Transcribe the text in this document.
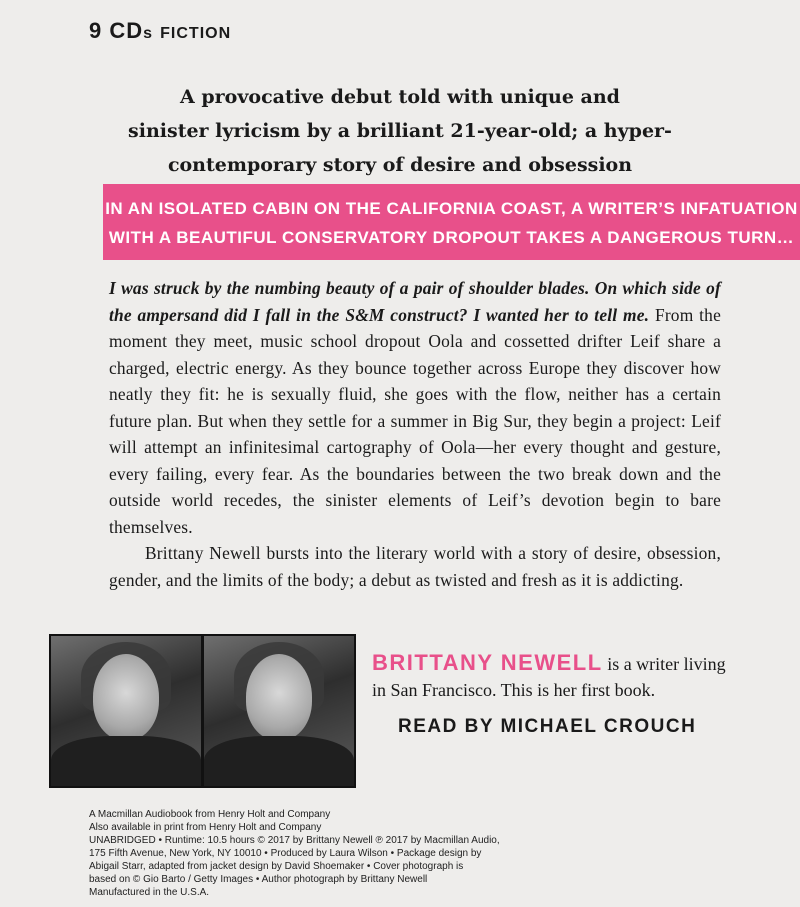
9 CDs FICTION
A provocative debut told with unique and
sinister lyricism by a brilliant 21-year-old; a hyper-
contemporary story of desire and obsession
IN AN ISOLATED CABIN ON THE CALIFORNIA COAST, A WRITER’S INFATUATION
WITH A BEAUTIFUL CONSERVATORY DROPOUT TAKES A DANGEROUS TURN…

I was struck by the numbing beauty of a pair of shoulder blades. On which side of the ampersand did I fall in the S&M construct? I wanted her to tell me. From the moment they meet, music school dropout Oola and cossetted drifter Leif share a charged, electric energy. As they bounce together across Europe they discover how neatly they fit: he is sexually fluid, she goes with the flow, neither has a certain future plan. But when they settle for a summer in Big Sur, they begin a project: Leif will attempt an infinitesimal cartography of Oola—her every thought and gesture, every failing, every fear. As the boundaries between the two break down and the outside world recedes, the sinister elements of Leif’s devotion begin to bare themselves.

Brittany Newell bursts into the literary world with a story of desire, obsession, gender, and the limits of the body; a debut as twisted and fresh as it is addicting.

BRITTANY NEWELL is a writer living
in San Francisco. This is her first book.
READ BY MICHAEL CROUCH
A Macmillan Audiobook from Henry Holt and Company
Also available in print from Henry Holt and Company
UNABRIDGED • Runtime: 10.5 hours © 2017 by Brittany Newell ℗ 2017 by Macmillan Audio,
175 Fifth Avenue, New York, NY 10010 • Produced by Laura Wilson • Package design by
Abigail Starr, adapted from jacket design by David Shoemaker • Cover photograph is
based on © Gio Barto / Getty Images • Author photograph by Brittany Newell
Manufactured in the U.S.A.
